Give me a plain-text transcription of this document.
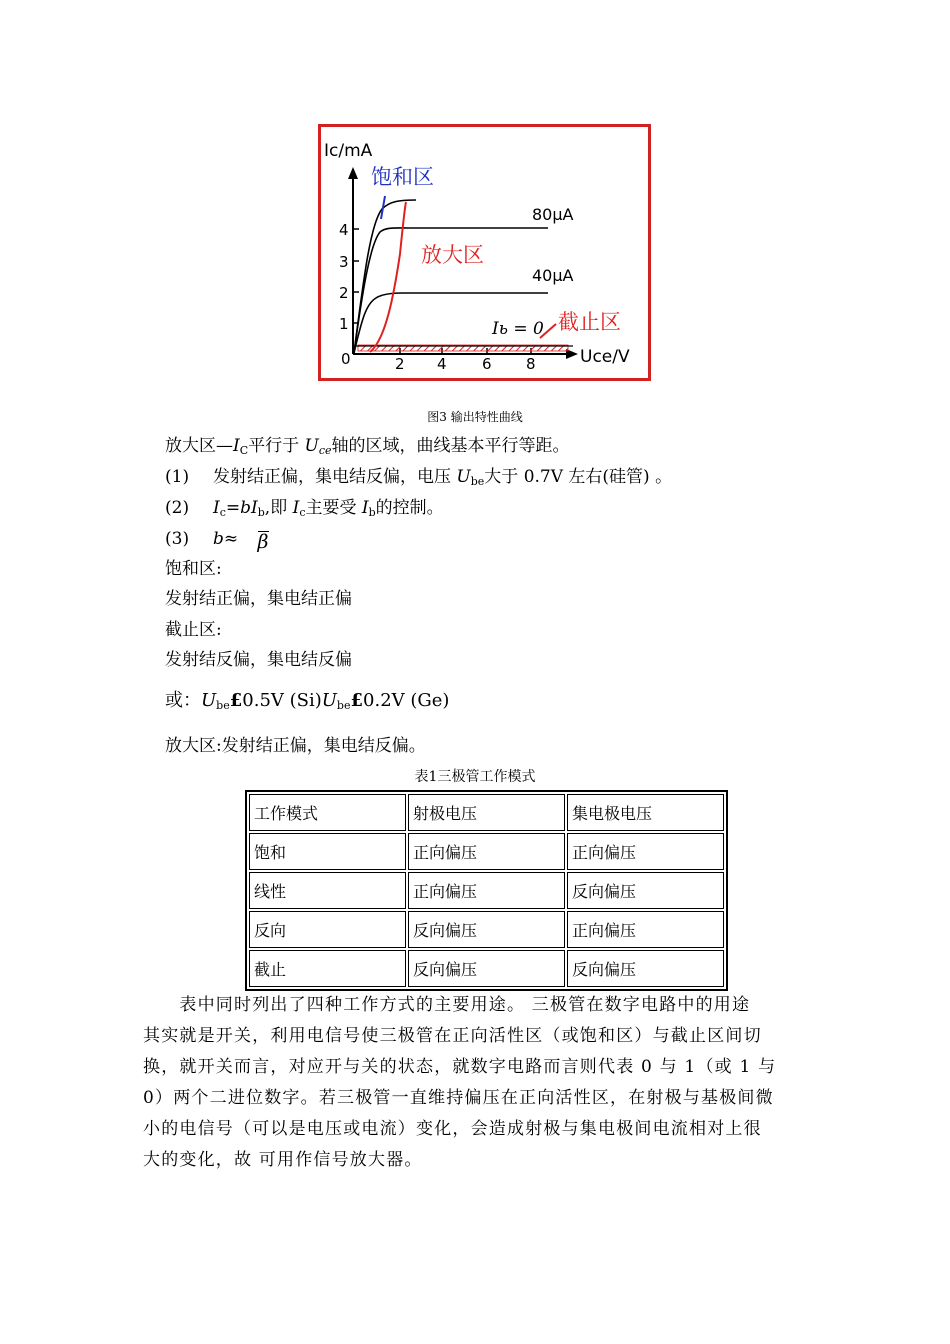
Ic/mA
Uce/V
1
2
3
4
0	2 4 6 8
80μA
40μA
Iь = 0
饱和区
放大区
截止区
图3 输出特性曲线
放大区$—I_C$平行于 $U_{ce}$轴的区域，曲线基本平行等距。
(1) 发射结正偏，集电结反偏，电压 $U_{be}$大于 0.7V 左右(硅管) 。
(2) $I_c=bI_b$,即 $I_c$主要受 $I_b$的控制。
(3) b≈ β
饱和区:
发射结正偏，集电结正偏
截止区:
发射结反偏，集电结反偏
或：$U_{be}£0.5V$ $(Si)U_{be}£0.2V$ (Ge)
放大区:发射结正偏，集电结反偏。
表1三极管工作模式
工作模式	射极电压	集电极电压
饱和	正向偏压	正向偏压
线性	正向偏压	反向偏压
反向	反向偏压	正向偏压
截止	反向偏压	反向偏压
　　表中同时列出了四种工作方式的主要用途。 三极管在数字电路中的用途
其实就是开关，利用电信号使三极管在正向活性区（或饱和区）与截止区间切
换，就开关而言，对应开与关的状态，就数字电路而言则代表 0 与 1（或 1 与
0）两个二进位数字。若三极管一直维持偏压在正向活性区，在射极与基极间微
小的电信号（可以是电压或电流）变化，会造成射极与集电极间电流相对上很
大的变化，故 可用作信号放大器。
